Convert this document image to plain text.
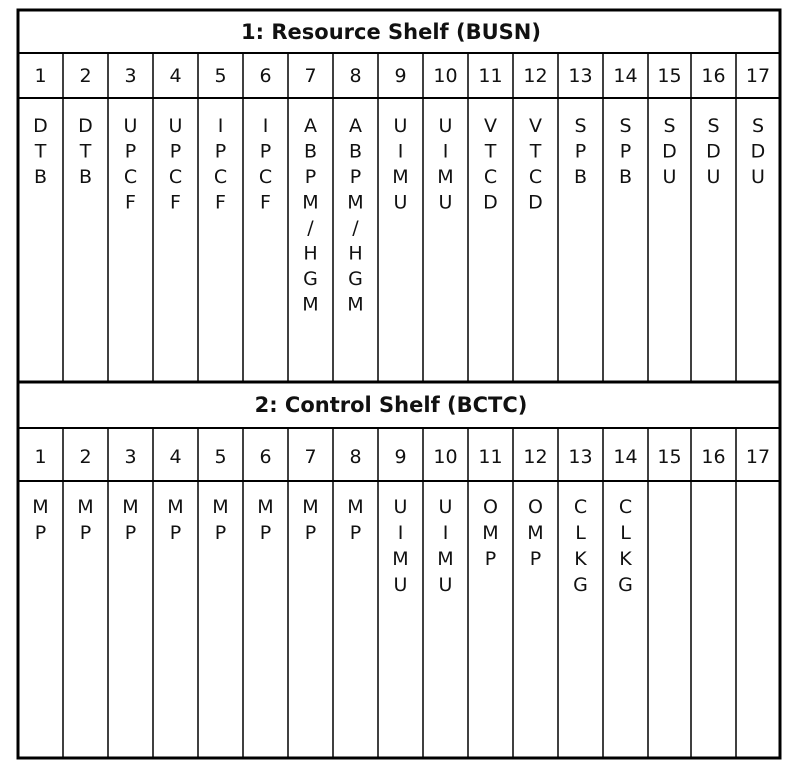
1: Resource Shelf (BUSN)
1
D T B
2
D T B
3
U P C F
4
U P C F
5
I P C F
6
I P C F
7
A B P M / H G M
8
A B P M / H G M
9
U I M U
10
U I M U
11
V T C D
12
V T C D
13
S P B
14
S P B
15
S D U
16
S D U
17
S D U
2: Control Shelf (BCTC)
1
M P
2
M P
3
M P
4
M P
5
M P
6
M P
7
M P
8
M P
9
U I M U
10
U I M U
11
O M P
12
O M P
13
C L K G
14
C L K G
15 16 17
